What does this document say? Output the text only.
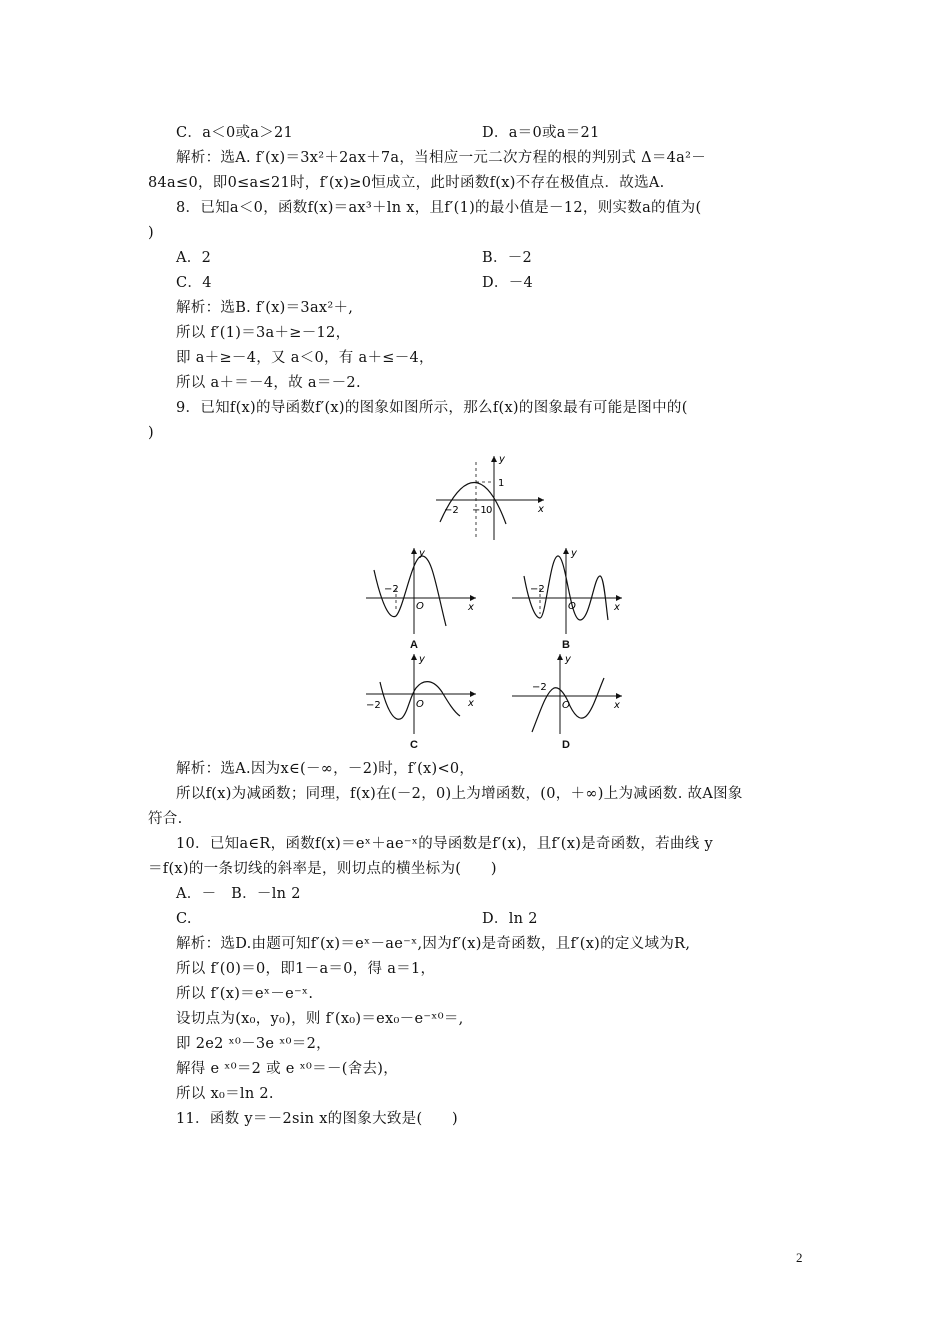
C．a＜0或a＞21	D．a＝0或a＝21
解析：选A. f′(x)＝3x²＋2ax＋7a，当相应一元二次方程的根的判别式 Δ＝4a²－
84a≤0，即0≤a≤21时，f′(x)≥0恒成立，此时函数f(x)不存在极值点．故选A.
8．已知a＜0，函数f(x)＝ax³＋ln x，且f′(1)的最小值是－12，则实数a的值为(
)
A．2	B．－2
C．4	D．－4
解析：选B. f′(x)＝3ax²＋,
所以 f′(1)＝3a＋≥－12，
即 a＋≥－4，又 a＜0，有 a＋≤－4，
所以 a＋＝－4，故 a＝－2.
9．已知f(x)的导函数f′(x)的图象如图所示，那么f(x)的图象最有可能是图中的(
)
y
x
1
−2 −1 0
y
x
−2
O
A
y
x
−2
O
B
y
x
−2	O
C
y
x
−2
O
D
解析：选A.因为x∈(－∞，－2)时，f′(x)<0，
所以f(x)为减函数；同理，f(x)在(－2，0)上为增函数，(0，＋∞)上为减函数. 故A图象
符合.
10．已知a∈R，函数f(x)＝eˣ＋ae⁻ˣ的导函数是f′(x)，且f′(x)是奇函数，若曲线 y
＝f(x)的一条切线的斜率是，则切点的横坐标为(　　)
A．－　B．－ln 2
C.	D．ln 2
解析：选D.由题可知f′(x)＝eˣ－ae⁻ˣ,因为f′(x)是奇函数，且f′(x)的定义域为R,
所以 f′(0)＝0，即1－a＝0，得 a＝1，
所以 f′(x)＝eˣ－e⁻ˣ.
设切点为(x₀，y₀)，则 f′(x₀)＝ex₀－e⁻ˣ⁰＝,
即 2e2 ˣ⁰－3e ˣ⁰＝2，
解得 e ˣ⁰＝2 或 e ˣ⁰＝－(舍去)，
所以 x₀＝ln 2.
11．函数 y＝－2sin x的图象大致是(　　)
2
